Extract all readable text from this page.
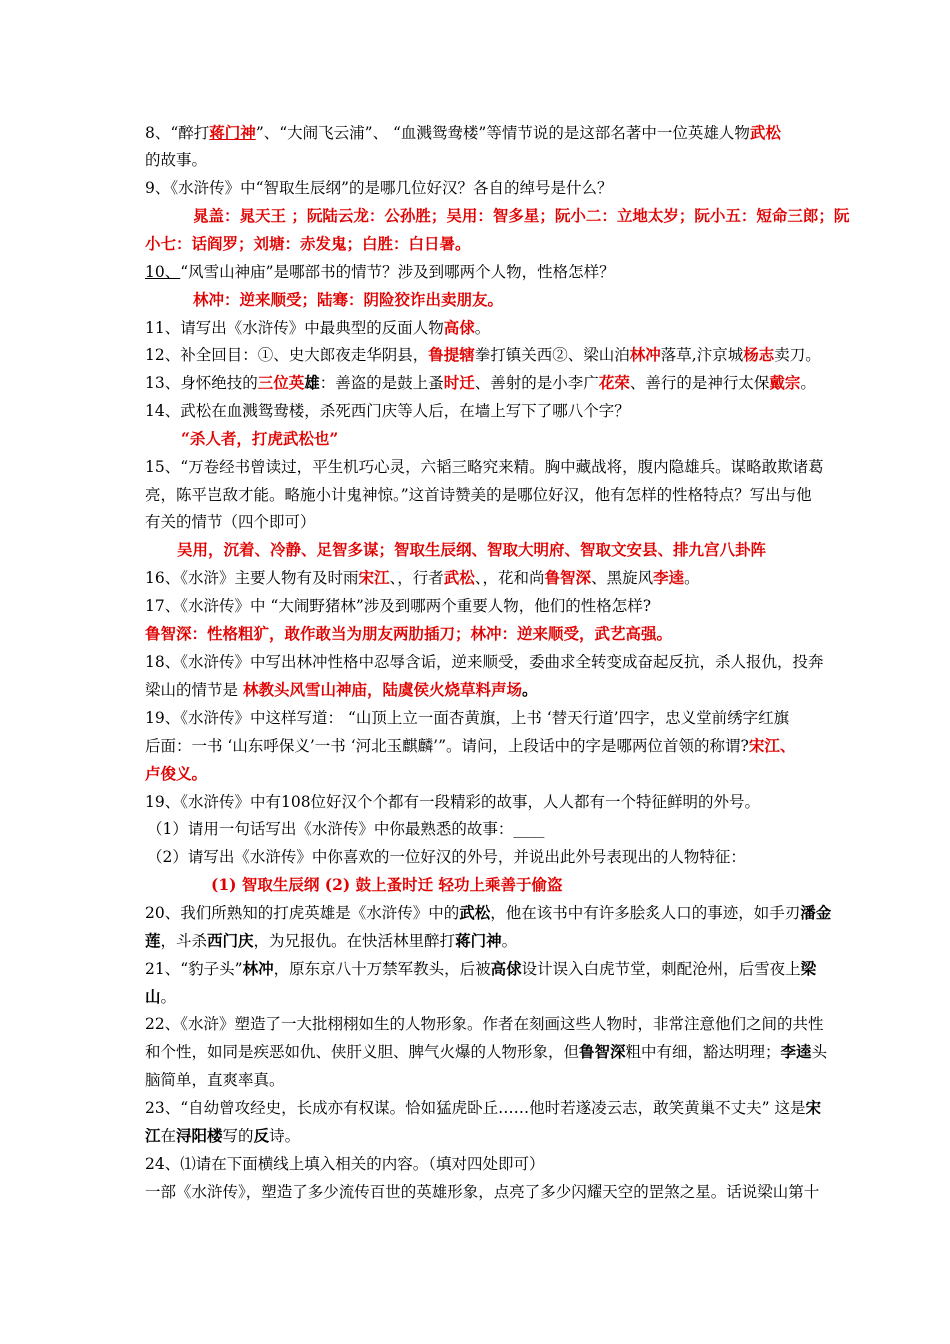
8、“醉打蒋门神”、“大闹飞云浦”、 “血溅鸳鸯楼”等情节说的是这部名著中一位英雄人物武松
的故事。
9、《水浒传》中“智取生辰纲”的是哪几位好汉？各自的绰号是什么？
晁盖：晁天王 ；阮陆云龙：公孙胜；吴用：智多星；阮小二：立地太岁；阮小五：短命三郎；阮
小七：话阎罗；刘塘：赤发鬼；白胜：白日暑。
10、“风雪山神庙”是哪部书的情节？涉及到哪两个人物，性格怎样？
林冲：逆来顺受；陆骞：阴险狡诈出卖朋友。
11、请写出《水浒传》中最典型的反面人物高俅。
12、补全回目：①、史大郎夜走华阴县，鲁提辖拳打镇关西②、梁山泊林冲落草,汴京城杨志卖刀。
13、身怀绝技的三位英雄：善盗的是鼓上蚤时迁、善射的是小李广花荣、善行的是神行太保戴宗。
14、武松在血溅鸳鸯楼，杀死西门庆等人后，在墙上写下了哪八个字？
“杀人者，打虎武松也”
15、“万卷经书曾读过，平生机巧心灵，六韬三略究来精。胸中藏战将，腹内隐雄兵。谋略敢欺诸葛
亮，陈平岂敌才能。略施小计鬼神惊。”这首诗赞美的是哪位好汉，他有怎样的性格特点？写出与他
有关的情节（四个即可）
吴用，沉着、冷静、足智多谋；智取生辰纲、智取大明府、智取文安县、排九宫八卦阵
16、《水浒》主要人物有及时雨宋江、，行者武松、，花和尚鲁智深、黑旋风李逵。
17、《水浒传》中 “大闹野猪林”涉及到哪两个重要人物，他们的性格怎样?
鲁智深：性格粗犷，敢作敢当为朋友两肋插刀；林冲：逆来顺受，武艺高强。
18、《水浒传》中写出林冲性格中忍辱含诟，逆来顺受，委曲求全转变成奋起反抗，杀人报仇，投奔
梁山的情节是 林教头风雪山神庙，陆虞侯火烧草料声场。
19、《水浒传》中这样写道： “山顶上立一面杏黄旗，上书 ‘替天行道’四字，忠义堂前绣字红旗
后面：一书 ‘山东呼保义’一书 ‘河北玉麒麟’”。请问，上段话中的字是哪两位首领的称谓?宋江、
卢俊义。
19、《水浒传》中有108位好汉个个都有一段精彩的故事，人人都有一个特征鲜明的外号。
（1）请用一句话写出《水浒传》中你最熟悉的故事：____
（2）请写出《水浒传》中你喜欢的一位好汉的外号，并说出此外号表现出的人物特征：
(1) 智取生辰纲 (2) 鼓上蚤时迁 轻功上乘善于偷盗
20、我们所熟知的打虎英雄是《水浒传》中的武松，他在该书中有许多脍炙人口的事迹，如手刃潘金
莲，斗杀西门庆，为兄报仇。在快活林里醉打蒋门神。
21、“豹子头”林冲，原东京八十万禁军教头，后被高俅设计误入白虎节堂，刺配沧州，后雪夜上梁
山。
22、《水浒》塑造了一大批栩栩如生的人物形象。作者在刻画这些人物时，非常注意他们之间的共性
和个性，如同是疾恶如仇、侠肝义胆、脾气火爆的人物形象，但鲁智深粗中有细，豁达明理；李逵头
脑简单，直爽率真。
23、“自幼曾攻经史，长成亦有权谋。恰如猛虎卧丘……他时若遂凌云志，敢笑黄巢不丈夫” 这是宋
江在浔阳楼写的反诗。
24、⑴请在下面横线上填入相关的内容。（填对四处即可）
一部《水浒传》，塑造了多少流传百世的英雄形象，点亮了多少闪耀天空的罡煞之星。话说梁山第十
